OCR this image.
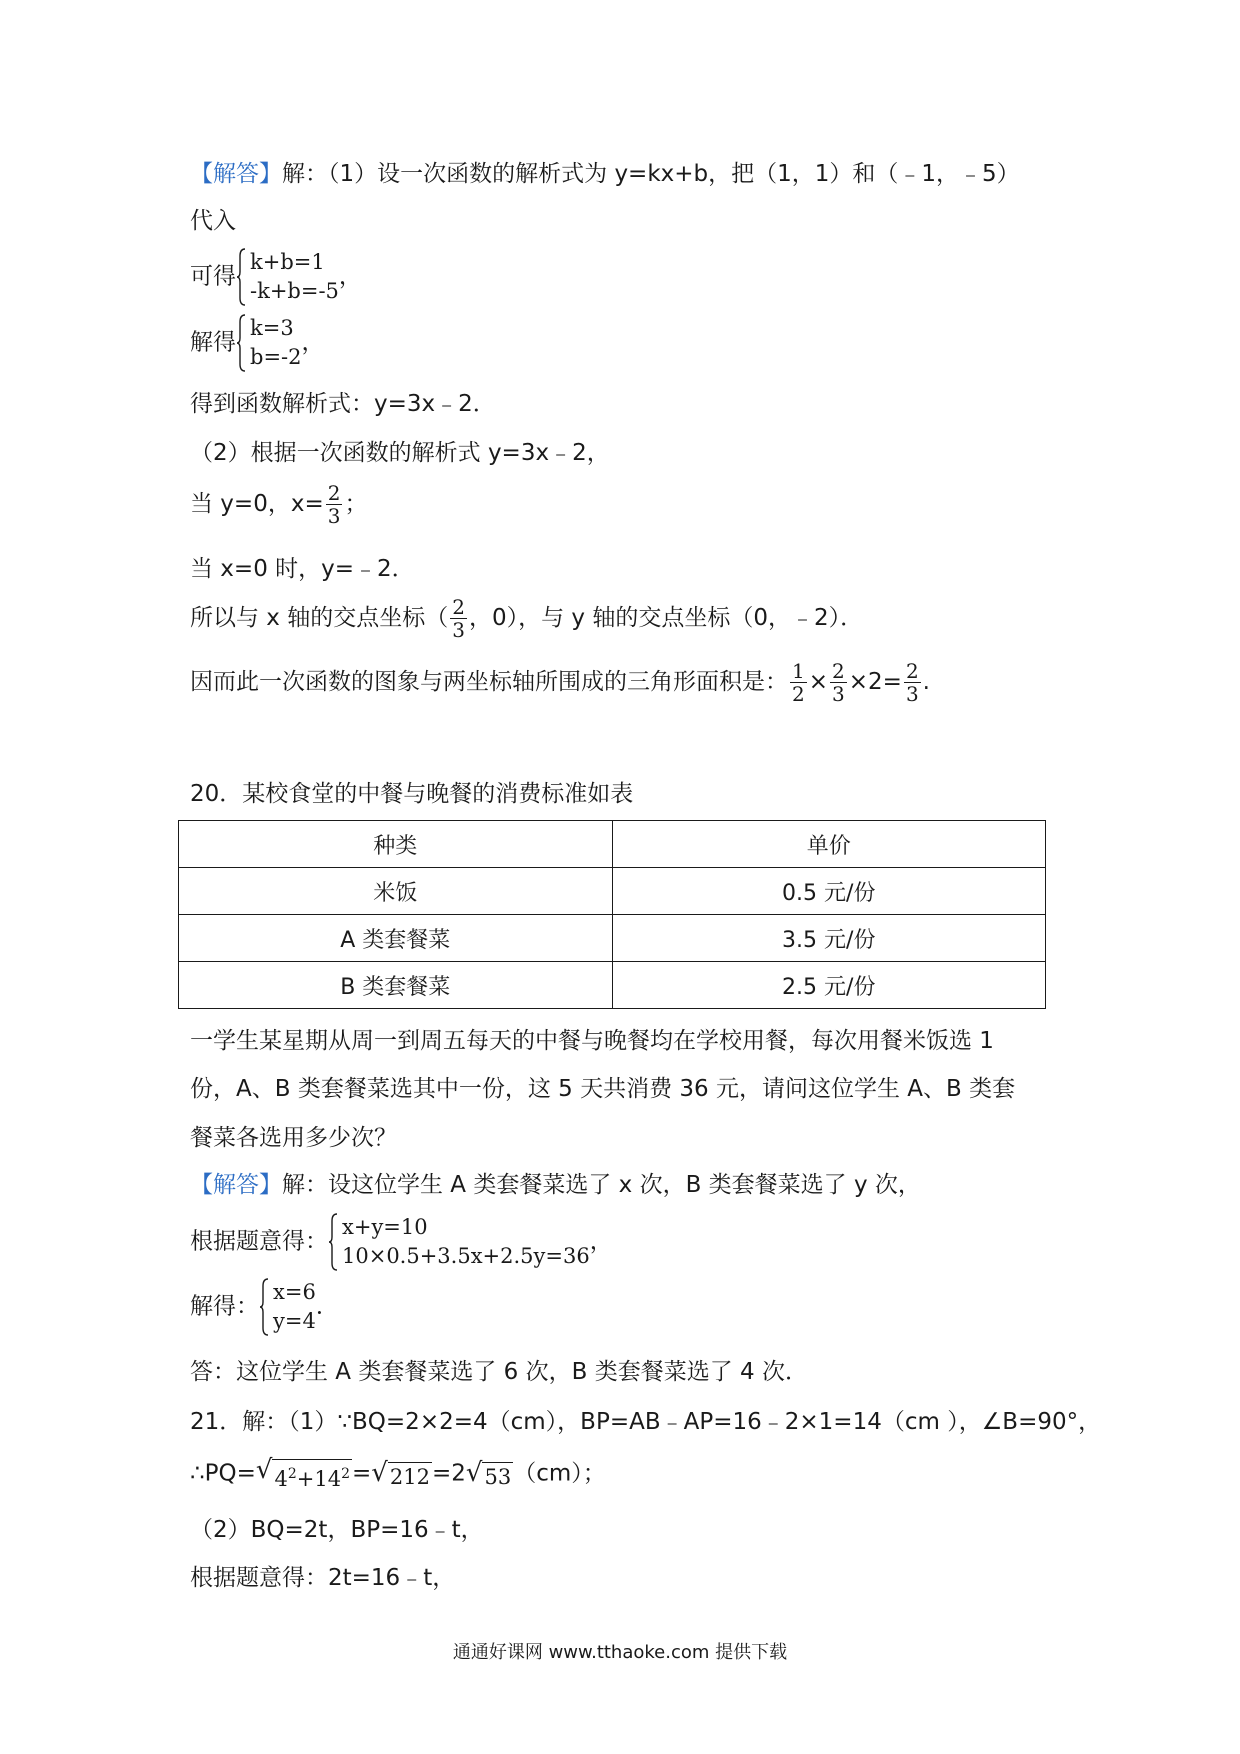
【解答】解：（1）设一次函数的解析式为 y=kx+b，把（1，1）和（﹣1，﹣5）
代入
可得
k+b=1
-k+b=-5
，
解得
k=3
b=-2
，
得到函数解析式：y=3x﹣2．
（2）根据一次函数的解析式 y=3x﹣2，
当 y=0，$x= \frac{2}{3}$ ；
当 x=0 时，y=﹣2．
所以与 x 轴的交点坐标（ $\frac{2}{3}$ ，0），与 y 轴的交点坐标（0，﹣2）．
因而此一次函数的图象与两坐标轴所围成的三角形面积是： $\frac{1}{2} \times \frac{2}{3} \times 2= \frac{2}{3}$ .
20．某校食堂的中餐与晚餐的消费标准如表
种类	单价
米饭	0.5 元/份
A 类套餐菜	3.5 元/份
B 类套餐菜	2.5 元/份
一学生某星期从周一到周五每天的中餐与晚餐均在学校用餐，每次用餐米饭选 1
份，A、B 类套餐菜选其中一份，这 5 天共消费 36 元，请问这位学生 A、B 类套
餐菜各选用多少次？
【解答】解：设这位学生 A 类套餐菜选了 x 次，B 类套餐菜选了 y 次，
根据题意得：
x+y=10
10×0.5+3.5x+2.5y=36
，
解得：
x=6
y=4
．
答：这位学生 A 类套餐菜选了 6 次，B 类套餐菜选了 4 次．
21．解：（1）∵BQ=2×2=4（cm），BP=AB﹣AP=16﹣2×1=14（cm ），∠B=90°，
∴PQ= √ $4^2+14^2$ = √ 212 =2 √ 53 （cm）；
（2）BQ=2t，BP=16﹣t，
根据题意得：2t=16﹣t，
通通好课网 www.tthaoke.com 提供下载
